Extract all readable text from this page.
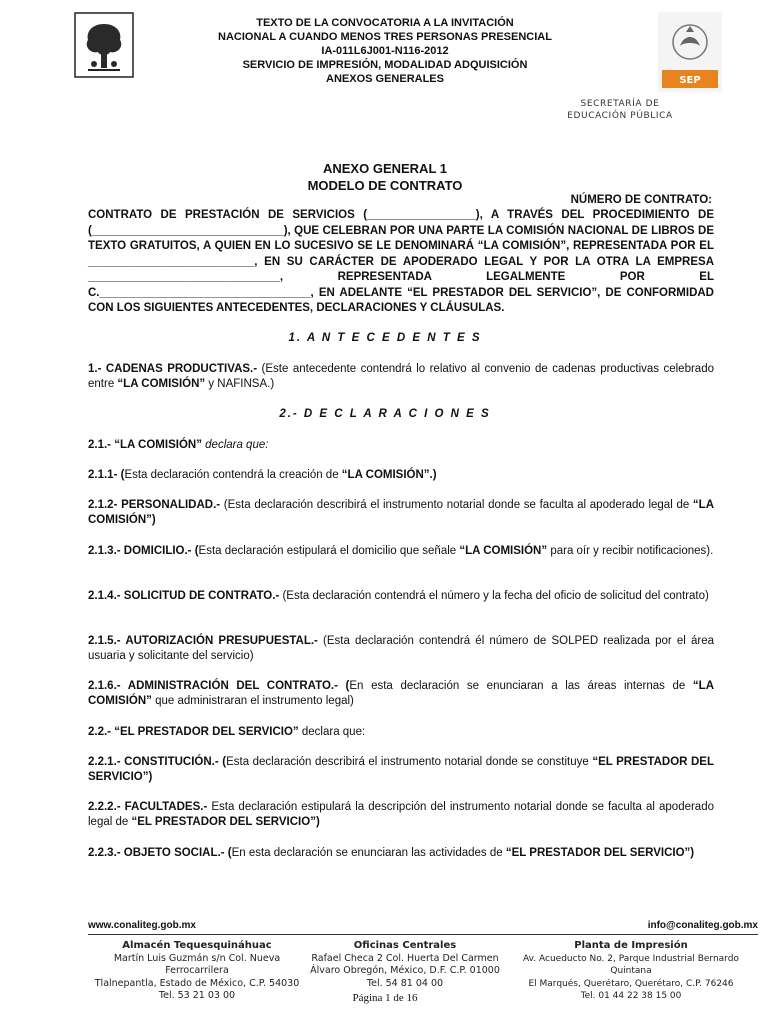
TEXTO DE LA CONVOCATORIA A LA INVITACIÓN
NACIONAL A CUANDO MENOS TRES PERSONAS PRESENCIAL
IA-011L6J001-N116-2012
SERVICIO DE IMPRESIÓN, MODALIDAD ADQUISICIÓN
ANEXOS GENERALES	SEP
SECRETARÍA DE
EDUCACIÓN PÚBLICA
ANEXO GENERAL 1
MODELO DE CONTRATO
NÚMERO DE CONTRATO:
CONTRATO DE PRESTACIÓN DE SERVICIOS (_________________), A TRAVÉS DEL PROCEDIMIENTO DE (______________________________), QUE CELEBRAN POR UNA PARTE LA COMISIÓN NACIONAL DE LIBROS DE TEXTO GRATUITOS, A QUIEN EN LO SUCESIVO SE LE DENOMINARÁ “LA COMISIÓN”, REPRESENTADA POR EL __________________________, EN SU CARÁCTER DE APODERADO LEGAL Y POR LA OTRA LA EMPRESA ______________________________, REPRESENTADA LEGALMENTE POR EL C._________________________________, EN ADELANTE “EL PRESTADOR DEL SERVICIO”, DE CONFORMIDAD CON LOS SIGUIENTES ANTECEDENTES, DECLARACIONES Y CLÁUSULAS.
1. A N T E C E D E N T E S
1.- CADENAS PRODUCTIVAS.- (Este antecedente contendrá lo relativo al convenio de cadenas productivas celebrado entre “LA COMISIÓN” y NAFINSA.)
2.- D E C L A R A C I O N E S
2.1.- “LA COMISIÓN” declara que:
2.1.1- (Esta declaración contendrá la creación de “LA COMISIÓN”.)
2.1.2- PERSONALIDAD.- (Esta declaración describirá el instrumento notarial donde se faculta al apoderado legal de “LA COMISIÓN”)
2.1.3.- DOMICILIO.- (Esta declaración estipulará el domicilio que señale “LA COMISIÓN” para oír y recibir notificaciones).
2.1.4.- SOLICITUD DE CONTRATO.- (Esta declaración contendrá el número y la fecha del oficio de solicitud del contrato)
2.1.5.- AUTORIZACIÓN PRESUPUESTAL.- (Esta declaración contendrá él número de SOLPED realizada por el área usuaria y solicitante del servicio)
2.1.6.- ADMINISTRACIÓN DEL CONTRATO.- (En esta declaración se enunciaran a las áreas internas de “LA COMISIÓN” que administraran el instrumento legal)
2.2.- “EL PRESTADOR DEL SERVICIO” declara que:
2.2.1.- CONSTITUCIÓN.- (Esta declaración describirá el instrumento notarial donde se constituye “EL PRESTADOR DEL SERVICIO”)
2.2.2.- FACULTADES.- Esta declaración estipulará la descripción del instrumento notarial donde se faculta al apoderado legal de “EL PRESTADOR DEL SERVICIO”)
2.2.3.- OBJETO SOCIAL.- (En esta declaración se enunciaran las actividades de “EL PRESTADOR DEL SERVICIO”)
www.conaliteg.gob.mx	info@conaliteg.gob.mx
Almacén Tequesquináhuac
Martín Luis Guzmán s/n Col. Nueva Ferrocarrilera
Tlalnepantla, Estado de México, C.P. 54030
Tel. 53 21 03 00
Oficinas Centrales
Rafael Checa 2 Col. Huerta Del Carmen
Álvaro Obregón, México, D.F. C.P. 01000
Tel. 54 81 04 00
Planta de Impresión
Av. Acueducto No. 2, Parque Industrial Bernardo Quintana
El Marqués, Querétaro, Querétaro, C.P. 76246
Tel. 01 44 22 38 15 00
Página 1 de 16
